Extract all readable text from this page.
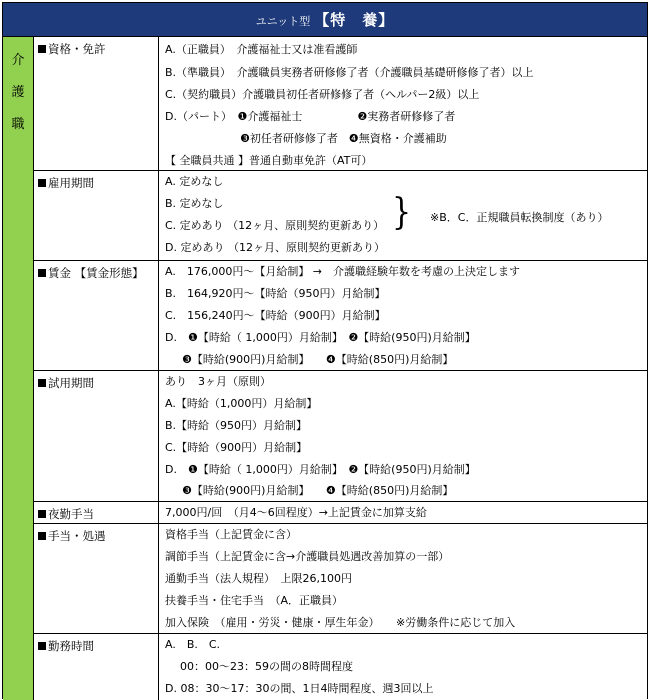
ユニット型 【特　養】
介
護
職
資格・免許	A.（正職員）　介護福祉士又は准看護師
B.（準職員）　介護職員実務者研修修了者（介護職員基礎研修修了者）以上
C.（契約職員）介護職員初任者研修修了者（ヘルパー2級）以上
D.（パート）　❶介護福祉士　　　　　❷実務者研修修了者
❸初任者研修修了者　❹無資格・介護補助
【 全職員共通 】普通自動車免許（AT可）
雇用期間	A. 定めなし
B. 定めなし
C. 定めあり （12ヶ月、原則契約更新あり）
D. 定めあり （12ヶ月、原則契約更新あり）
} ※B．C．正規職員転換制度（あり）
賃金 【賃金形態】	A.　176,000円～【月給制】 →　介護職経験年数を考慮の上決定します
B.　164,920円～【時給（950円）月給制】
C.　156,240円～【時給（900円）月給制】
D.　❶【時給（ 1,000円）月給制】　❷【時給(950円)月給制】
❸【時給(900円)月給制】　　❹【時給(850円)月給制】
試用期間	あり　3ヶ月（原則）
A.【時給（1,000円）月給制】
B.【時給（950円）月給制】
C.【時給（900円）月給制】
D.　❶【時給（ 1,000円）月給制】　❷【時給(950円)月給制】
❸【時給(900円)月給制】　　❹【時給(850円)月給制】
夜勤手当	7,000円/回　（月4～6回程度）→上記賃金に加算支給
手当・処遇	資格手当（上記賃金に含）
調節手当（上記賃金に含→介護職員処遇改善加算の一部）
通勤手当（法人規程）　上限26,100円
扶養手当・住宅手当　（A．正職員）
加入保険　（雇用・労災・健康・厚生年金）　　※労働条件に応じて加入
勤務時間	A.　B.　C.
00：00～23：59の間の8時間程度
D. 08：30～17：30の間、1日4時間程度、週3回以上
